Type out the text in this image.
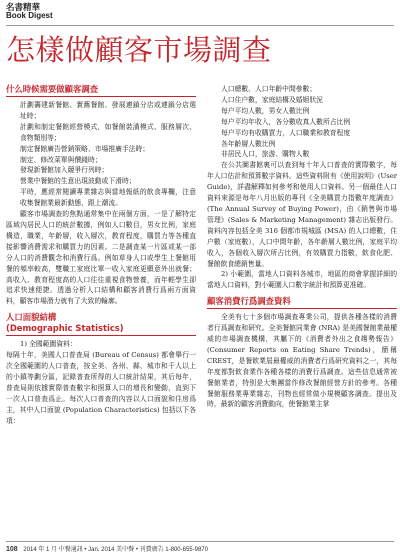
名書精華
Book Digest
怎樣做顧客市場調查
什么時候需要做顧客調查

計劃籌建新餐館、實舊餐館、發展連鎖分店或連鎖分店選址時；

計劃和制定餐館經營模式，如餐館裝潢模式、服務層次、食物類別等；

制定餐館廣告營銷策略、市場推廣手法時；

制定、修改菜單與價錢時；

發現新餐館加入競爭行列時；

營業中餐館的生意出現波動或下滑時；

平時，應經常閱讀專業雜志與當地報紙的飲食專欄，注意收集餐館業最新動態，跟上潮流。

顧客市場調查的焦點通常集中在兩個方面，一是了解特定區域內居民人口的統計數據，例如人口數目，男女比例，家庭構造，職業，年齡層，收入層次，教育程度，購買力等各種直接影響消費需求和購買力的因素。二是調查某一片區或某一部分人口的消費觀念和消費行爲。例如草身人口或學生上餐館用餐的頻率較高，雙職工家庭比單一收入家庭更願意外出就餐；高收入、教育程度高的人口往往重視食物營養，而年輕學生卻追求快速便捷。透過分析人口結構和顧客消費行爲兩方面資料，顧客市場潛力就有了大致的輪廓。

人口面貌結構
(Demographic Statistics)

1) 全國範圍資料：

每隔十年，美國人口普查局 (Bureau of Census) 都會舉行一次全國範圍的人口普查，按全美、各州、縣、城市和千人以上的小鎮等劃分區，記錄普查所得的人口統計結果，其后每年，普查局則依據實際普查數字和照算人口的增長和變動，直到下一次人口普查爲止。每次人口普查的內容以人口面貌和住房爲主，其中人口面貌 (Population Characteristics) 包括以下各項：

人口總數、人口年齡中間參數；

人口住户數，家庭結構及婚姻狀況

每户平均人數，男女人數比例

每户平均年收入，各分數收真人數所占比例

每户平均有收購買力，人口職業和教育程度

各年齡層人數比例

非居民人口，旅游、購物人數

在公共圖書館裏可以查到每十年人口普查的實際數字，每年人口估計和預算數字資料。這些資料附有《使用說明》(User Guide)，詳盡解釋如何參考和使用人口資料。另一個最佳人口資料來源是每年八月出版的專刊《全美購買力指數年度調查》(The Annual Survey of Buying Power)，由《銷售與市場管理》(Sales & Marketing Management) 雜志出版發行。資料內容包括全美 316 個都市規城區 (MSA) 的人口總數，住户數（家庭數），人口中間年齡，各年齡層人數比例，家庭平均收入，各個收入層次所占比例，有效購買力指數，飲食化肥、餐館飲食總銷售量。

2) 小範圍，當地人口資料各城市，地區的商會掌握詳細的當地人口資料，對小範圍人口數字統計和預算更准確。

顧客消費行爲調查資料

全美有七十多個市場調查專業公司，提供各種各樣的消費者行爲調查和研究。全美餐館同業會 (NRA) 是美國餐館業最權威的市場調查機構，其屬下的《消費者外出之食趨勢報告》(Consumer Reports on Eating Share Trends)，簡稱 CREST，是餐飲業屆最權威的消費者行爲研究資料之一，其每年度都對飲食業作各種各樣的消費行爲調查。這些信息通常被餐館業者，特别是大集團當作修改餐館經營方針的參考。各種餐館服務業專業雜志，刊物也經常做小規模顧客調查。提出及時，最新的顧客消費動向，使餐館業主掌

108 2014 年 1 月 中餐通訊 • Jan. 2014 美中餐 • 刊費廣告 1-800-655-9870
